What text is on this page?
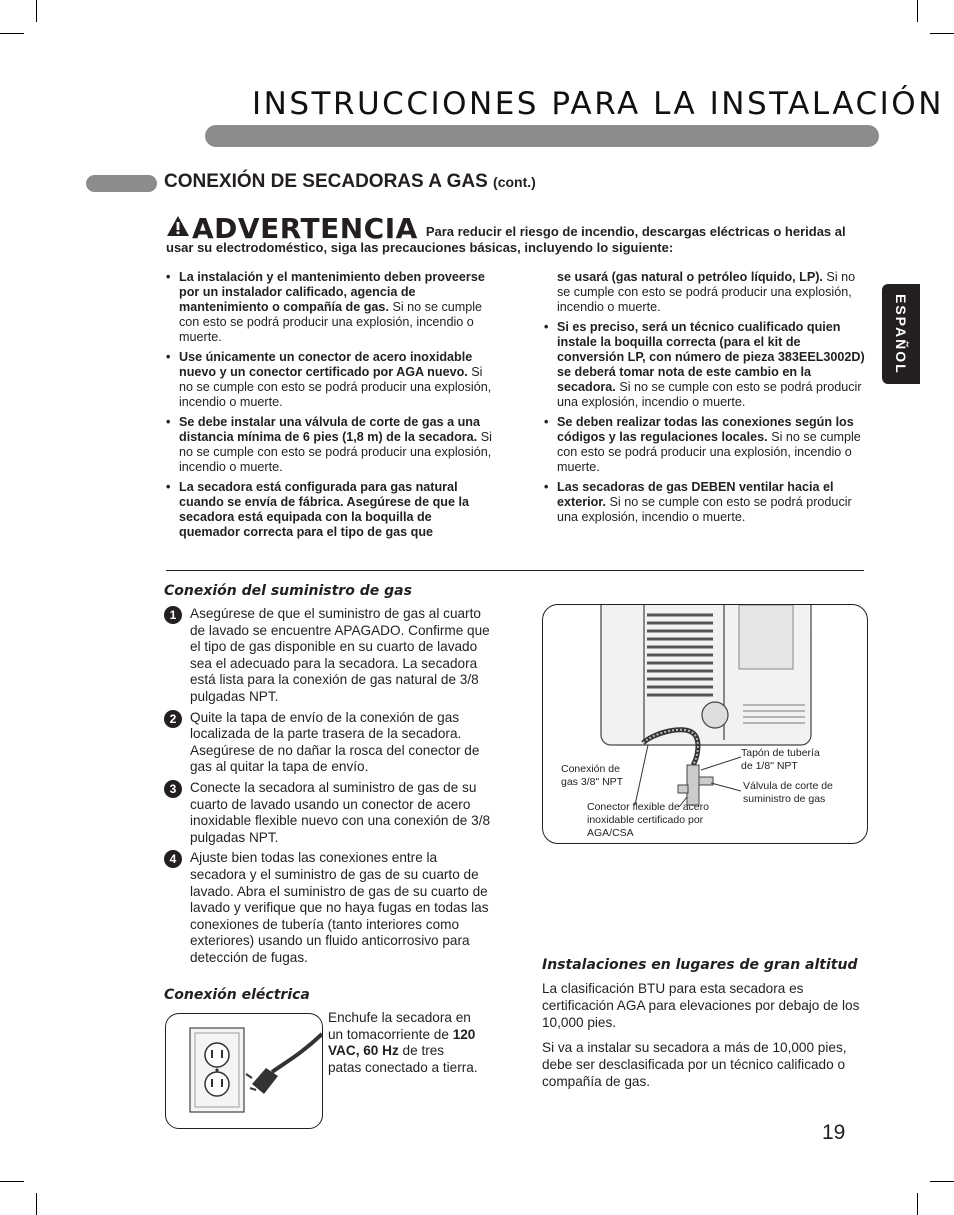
INSTRUCCIONES PARA LA INSTALACIÓN
CONEXIÓN DE SECADORAS A GAS (cont.)
ESPAÑOL
ADVERTENCIA Para reducir el riesgo de incendio, descargas eléctricas o heridas al usar su electrodoméstico, siga las precauciones básicas, incluyendo lo siguiente:
• La instalación y el mantenimiento deben proveerse por un instalador calificado, agencia de mantenimiento o compañía de gas. Si no se cumple con esto se podrá producir una explosión, incendio o muerte.
• Use únicamente un conector de acero inoxidable nuevo y un conector certificado por AGA nuevo. Si no se cumple con esto se podrá producir una explosión, incendio o muerte.
• Se debe instalar una válvula de corte de gas a una distancia mínima de 6 pies (1,8 m) de la secadora. Si no se cumple con esto se podrá producir una explosión, incendio o muerte.
• La secadora está configurada para gas natural cuando se envía de fábrica. Asegúrese de que la secadora está equipada con la boquilla de quemador correcta para el tipo de gas que
se usará (gas natural o petróleo líquido, LP). Si no se cumple con esto se podrá producir una explosión, incendio o muerte.
• Si es preciso, será un técnico cualificado quien instale la boquilla correcta (para el kit de conversión LP, con número de pieza 383EEL3002D) se deberá tomar nota de este cambio en la secadora. Si no se cumple con esto se podrá producir una explosión, incendio o muerte.
• Se deben realizar todas las conexiones según los códigos y las regulaciones locales. Si no se cumple con esto se podrá producir una explosión, incendio o muerte.
• Las secadoras de gas DEBEN ventilar hacia el exterior. Si no se cumple con esto se podrá producir una explosión, incendio o muerte.
Conexión del suministro de gas
1	Asegúrese de que el suministro de gas al cuarto de lavado se encuentre APAGADO. Confirme que el tipo de gas disponible en su cuarto de lavado sea el adecuado para la secadora. La secadora está lista para la conexión de gas natural de 3/8 pulgadas NPT.
2	Quite la tapa de envío de la conexión de gas localizada de la parte trasera de la secadora. Asegúrese de no dañar la rosca del conector de gas al quitar la tapa de envío.
3	Conecte la secadora al suministro de gas de su cuarto de lavado usando un conector de acero inoxidable flexible nuevo con una conexión de 3/8 pulgadas NPT.
4	Ajuste bien todas las conexiones entre la secadora y el suministro de gas de su cuarto de lavado. Abra el suministro de gas de su cuarto de lavado y verifique que no haya fugas en todas las conexiones de tubería (tanto interiores como exteriores) usando un fluido anticorrosivo para detección de fugas.
Conexión de
gas 3/8" NPT
Tapón de tubería
de 1/8" NPT
Válvula de corte de
suministro de gas
Conector flexible de acero
inoxidable certificado por
AGA/CSA
Conexión eléctrica
Enchufe la secadora en un tomacorriente de 120 VAC, 60 Hz de tres patas conectado a tierra.
Instalaciones en lugares de gran altitud
La clasificación BTU para esta secadora es certificación AGA para elevaciones por debajo de los 10,000 pies.
Si va a instalar su secadora a más de 10,000 pies, debe ser desclasificada por un técnico calificado o compañía de gas.
19
